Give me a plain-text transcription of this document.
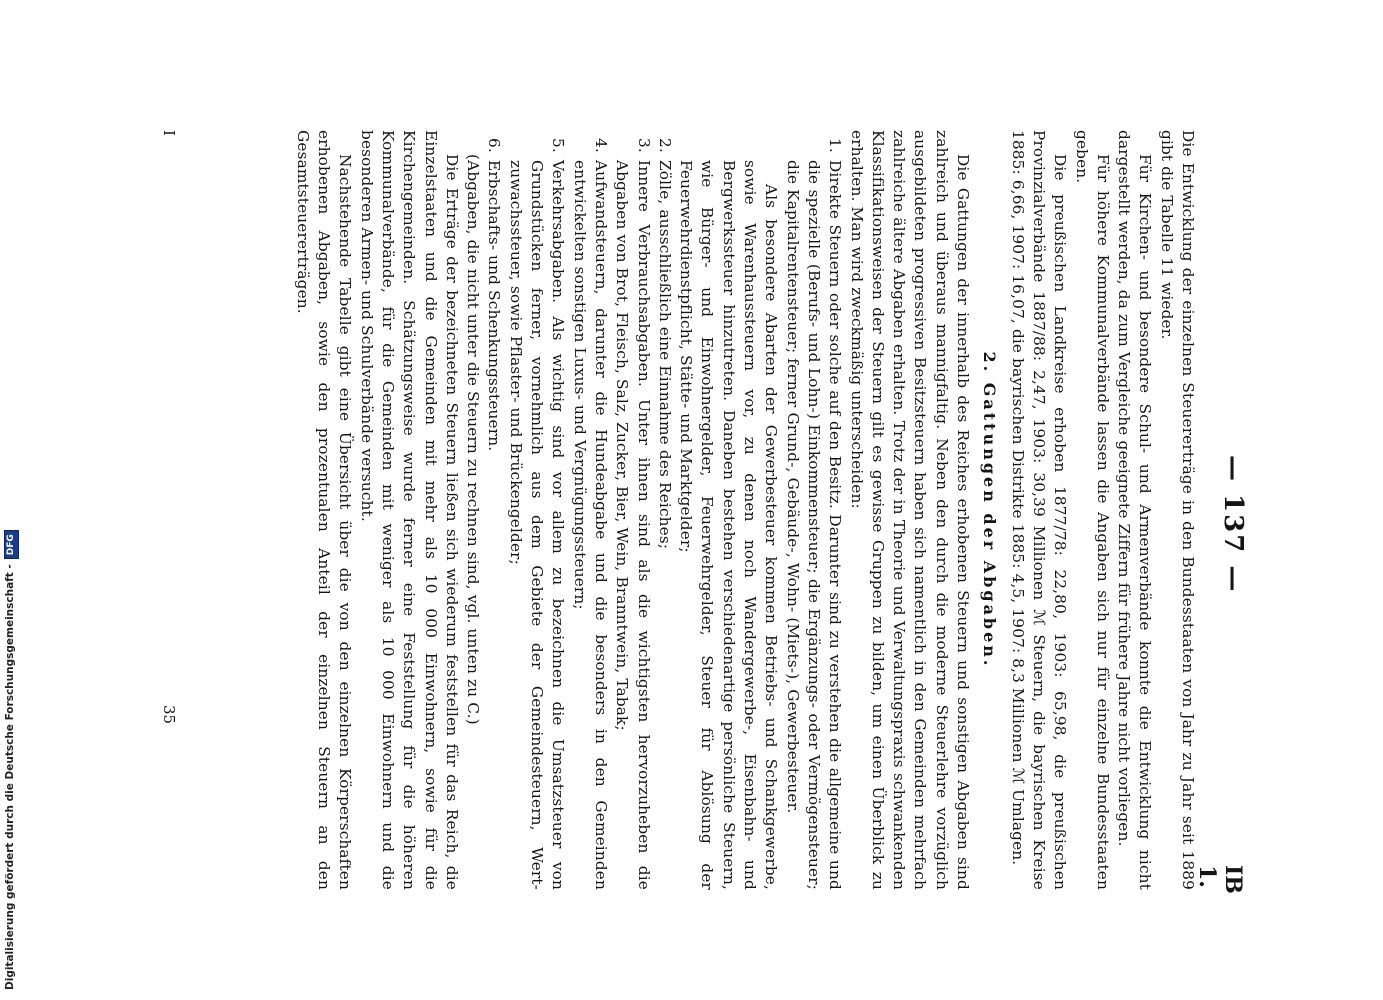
— 137 —
IB 1.

Die Entwicklung der einzelnen Steuererträge in den Bundesstaaten von Jahr zu Jahr seit 1889 gibt die Tabelle 11 wieder.

Für Kirchen- und besondere Schul- und Armenverbände konnte die Entwicklung nicht dargestellt werden, da zum Vergleiche geeignete Ziffern für frühere Jahre nicht vorliegen.

Für höhere Kommunalverbände lassen die Angaben sich nur für einzelne Bundesstaaten geben.

Die preußischen Landkreise erhoben 1877/78: 22,80, 1903: 65,98, die preußischen Provinzialverbände 1887/88: 2,47, 1903: 30,39 Millionen ℳ Steuern, die bayrischen Kreise 1885: 6,66, 1907: 16,07, die bayrischen Distrikte 1885: 4,5, 1907: 8,3 Millionen ℳ Umlagen.

2. Gattungen der Abgaben.

Die Gattungen der innerhalb des Reiches erhobenen Steuern und sonstigen Abgaben sind zahlreich und überaus mannigfaltig. Neben den durch die moderne Steuerlehre vorzüglich ausgebildeten progressiven Besitzsteuern haben sich namentlich in den Gemeinden mehrfach zahlreiche ältere Abgaben erhalten. Trotz der in Theorie und Verwaltungspraxis schwankenden Klassifikationsweisen der Steuern gilt es gewisse Gruppen zu bilden, um einen Überblick zu erhalten. Man wird zweckmäßig unterscheiden:

1.
Direkte Steuern oder solche auf den Besitz. Darunter sind zu verstehen die allgemeine und die spezielle (Berufs- und Lohn-) Einkommensteuer; die Ergänzungs- oder Vermögensteuer; die Kapitalrentensteuer; ferner Grund-, Gebäude-, Wohn- (Miets-), Gewerbesteuer.
Als besondere Abarten der Gewerbesteuer kommen Betriebs- und Schankgewerbe, sowie Warenhaussteuern vor, zu denen noch Wandergewerbe-, Eisenbahn- und Bergwerkssteuer hinzutreten. Daneben bestehen verschiedenartige persönliche Steuern, wie Bürger- und Einwohnergelder, Feuerwehrgelder, Steuer für Ablösung der Feuerwehrdienstpflicht, Stätte- und Marktgelder;
2.
Zölle, ausschließlich eine Einnahme des Reiches;
3.
Innere Verbrauchsabgaben. Unter ihnen sind als die wichtigsten hervorzuheben die Abgaben von Brot, Fleisch, Salz, Zucker, Bier, Wein, Branntwein, Tabak;
4.
Aufwandsteuern, darunter die Hundeabgabe und die besonders in den Gemeinden entwickelten sonstigen Luxus- und Vergnügungssteuern;
5.
Verkehrsabgaben. Als wichtig sind vor allem zu bezeichnen die Umsatzsteuer von Grundstücken ferner, vornehmlich aus dem Gebiete der Gemeindesteuern, Wert-zuwachssteuer, sowie Pflaster- und Brückengelder;
6.
Erbschafts- und Schenkungssteuern.

(Abgaben, die nicht unter die Steuern zu rechnen sind, vgl. unten zu C.)

Die Erträge der bezeichneten Steuern ließen sich wiederum feststellen für das Reich, die Einzelstaaten und die Gemeinden mit mehr als 10 000 Einwohnern, sowie für die Kirchengemeinden. Schätzungsweise wurde ferner eine Feststellung für die höheren Kommunalverbände, für die Gemeinden mit weniger als 10 000 Einwohnern und die besonderen Armen- und Schulverbände versucht.

Nachstehende Tabelle gibt eine Übersicht über die von den einzelnen Körperschaften erhobenen Abgaben, sowie den prozentualen Anteil der einzelnen Steuern an den Gesamtsteuererträgen.

I
35
Digitalisierung gefördert durch die Deutsche Forschungsgemeinschaft -DFG
